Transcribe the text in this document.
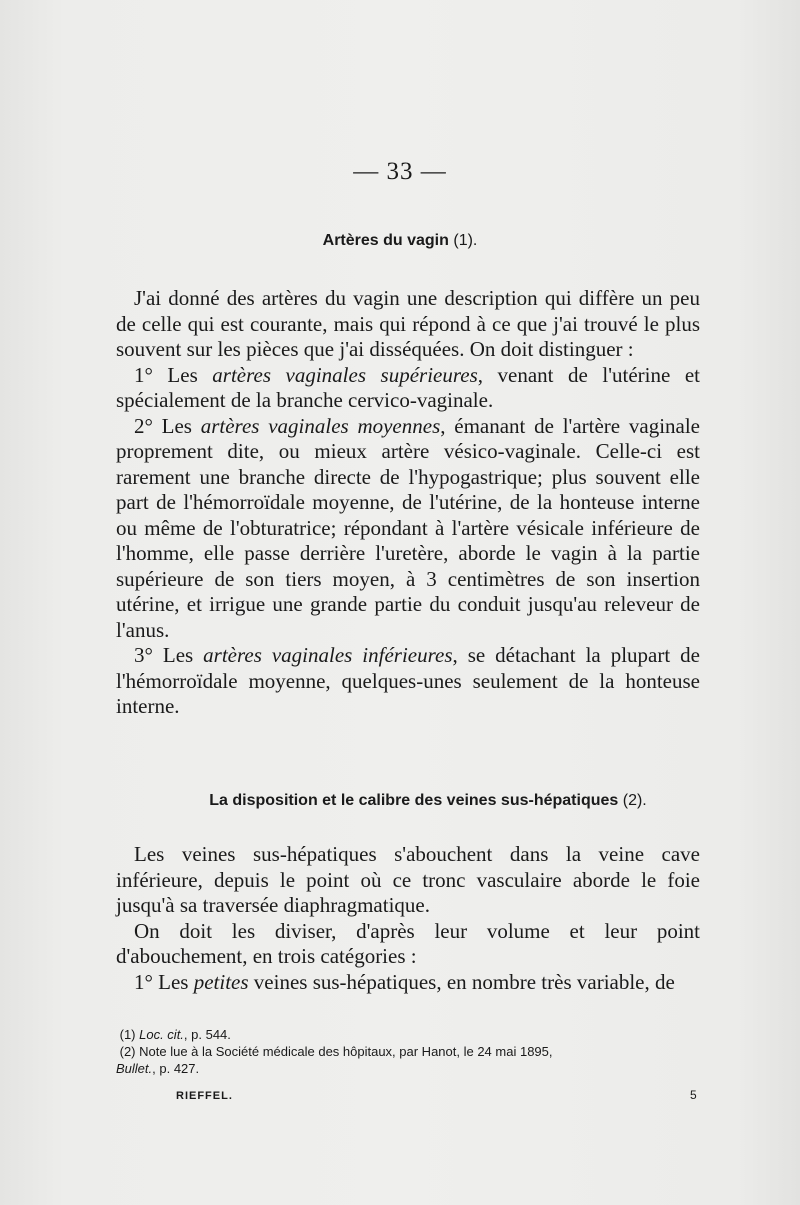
— 33 —
Artères du vagin (1).

J'ai donné des artères du vagin une description qui diffère un peu de celle qui est courante, mais qui répond à ce que j'ai trouvé le plus souvent sur les pièces que j'ai disséquées. On doit distinguer :

1° Les artères vaginales supérieures, venant de l'utérine et spécialement de la branche cervico-vaginale.

2° Les artères vaginales moyennes, émanant de l'artère vaginale proprement dite, ou mieux artère vésico-vaginale. Celle-ci est rarement une branche directe de l'hypogastrique; plus souvent elle part de l'hémorroïdale moyenne, de l'utérine, de la honteuse interne ou même de l'obturatrice; répondant à l'artère vésicale inférieure de l'homme, elle passe derrière l'uretère, aborde le vagin à la partie supérieure de son tiers moyen, à 3 centimètres de son insertion utérine, et irrigue une grande partie du conduit jusqu'au releveur de l'anus.

3° Les artères vaginales inférieures, se détachant la plupart de l'hémorroïdale moyenne, quelques-unes seulement de la honteuse interne.

La disposition et le calibre des veines sus-hépatiques (2).

Les veines sus-hépatiques s'abouchent dans la veine cave inférieure, depuis le point où ce tronc vasculaire aborde le foie jusqu'à sa traversée diaphragmatique.

On doit les diviser, d'après leur volume et leur point d'abouchement, en trois catégories :

1° Les petites veines sus-hépatiques, en nombre très variable, de

(1) Loc. cit., p. 544.
(2) Note lue à la Société médicale des hôpitaux, par Hanot, le 24 mai 1895,
Bullet., p. 427.
RIEFFEL.	5
